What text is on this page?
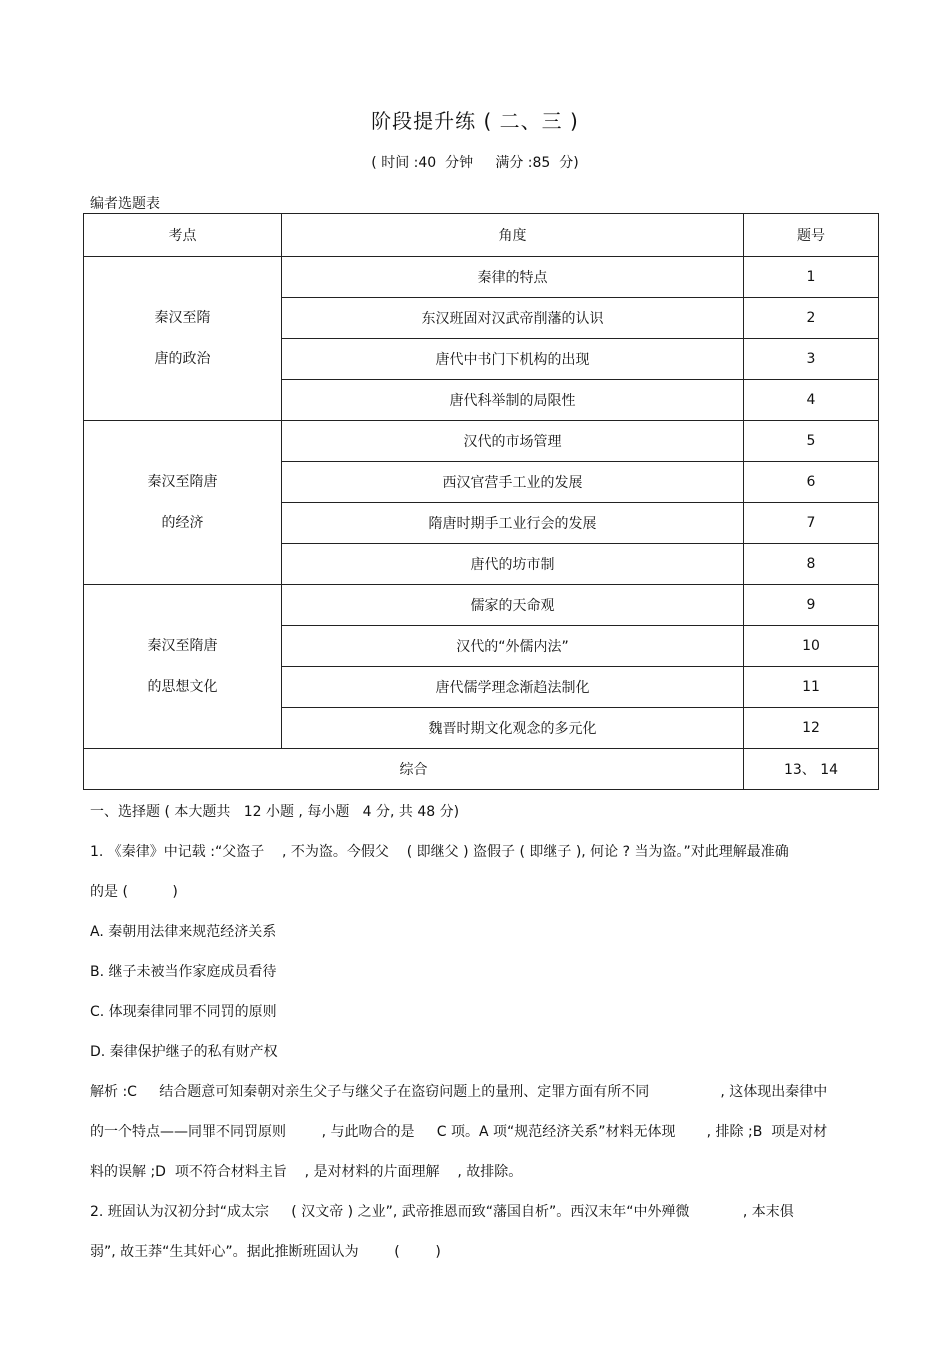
阶段提升练 ( 二、三 )
( 时间 :40  分钟     满分 :85  分)
编者选题表
考点	角度	题号

秦汉至隋
唐的政治	秦律的特点	1
	东汉班固对汉武帝削藩的认识	2
	唐代中书门下机构的出现	3
	唐代科举制的局限性	4

秦汉至隋唐
的经济	汉代的市场管理	5
	西汉官营手工业的发展	6
	隋唐时期手工业行会的发展	7
	唐代的坊市制	8

秦汉至隋唐
的思想文化	儒家的天命观	9
	汉代的“外儒内法”	10
	唐代儒学理念渐趋法制化	11
	魏晋时期文化观念的多元化	12
综合		13、 14
一、选择题 ( 本大题共   12 小题 , 每小题   4 分, 共 48 分)
1. 《秦律》中记载 :“父盗子    , 不为盗。今假父    ( 即继父 ) 盗假子 ( 即继子 ), 何论 ? 当为盗。”对此理解最准确
的是 (          )
A. 秦朝用法律来规范经济关系
B. 继子未被当作家庭成员看待
C. 体现秦律同罪不同罚的原则
D. 秦律保护继子的私有财产权
解析 :C     结合题意可知秦朝对亲生父子与继父子在盗窃问题上的量刑、定罪方面有所不同                , 这体现出秦律中
的一个特点——同罪不同罚原则        , 与此吻合的是     C 项。A 项“规范经济关系”材料无体现       , 排除 ;B  项是对材
料的误解 ;D  项不符合材料主旨    , 是对材料的片面理解    , 故排除。
2. 班固认为汉初分封“成太宗     ( 汉文帝 ) 之业”, 武帝推恩而致“藩国自析”。西汉末年“中外殚微            , 本末俱
弱”, 故王莽“生其奸心”。据此推断班固认为        (        )
